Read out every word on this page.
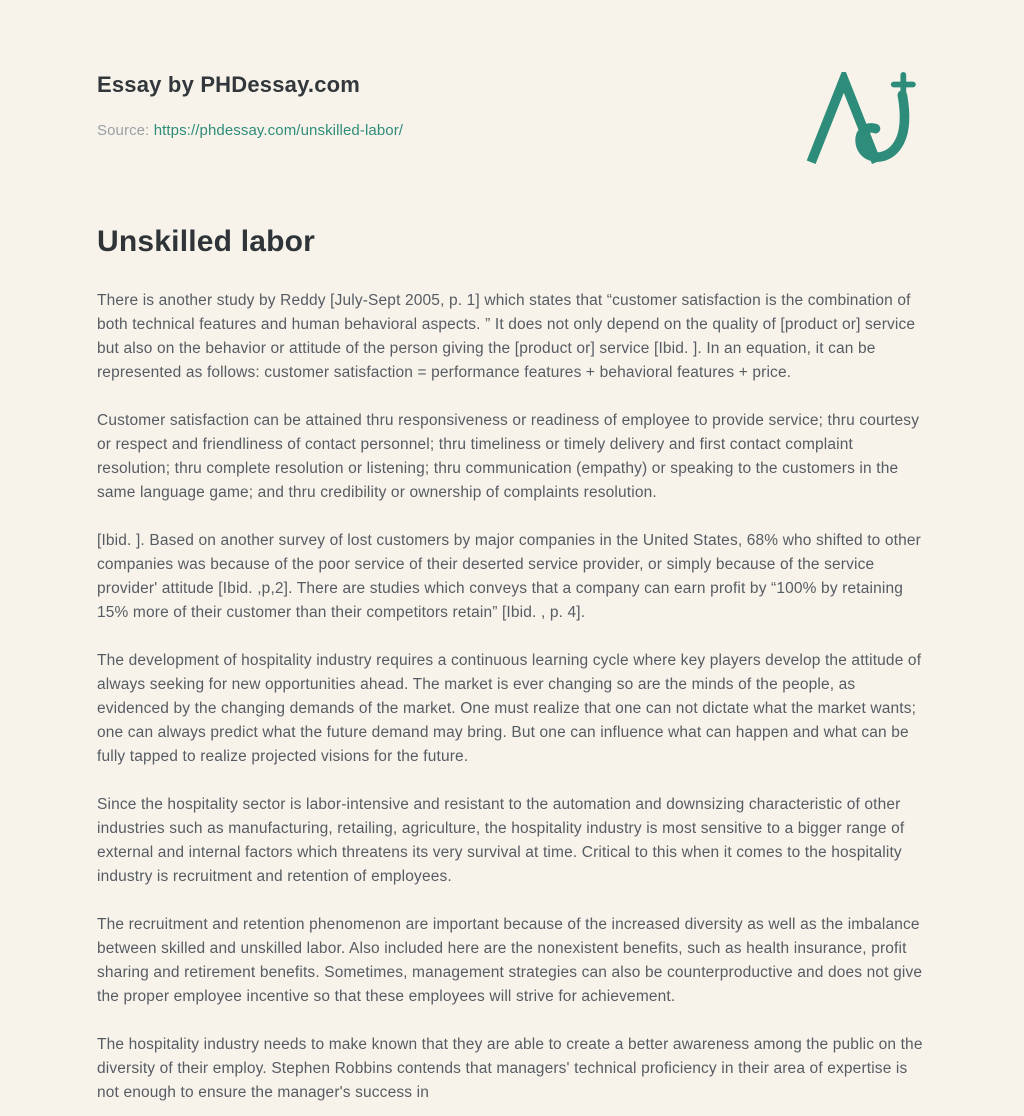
Essay by PHDessay.com
Source: https://phdessay.com/unskilled-labor/
Unskilled labor

There is another study by Reddy [July-Sept 2005, p. 1] which states that “customer satisfaction is the combination of both technical features and human behavioral aspects. ” It does not only depend on the quality of [product or] service but also on the behavior or attitude of the person giving the [product or] service [Ibid. ]. In an equation, it can be represented as follows: customer satisfaction = performance features + behavioral features + price.

Customer satisfaction can be attained thru responsiveness or readiness of employee to provide service; thru courtesy or respect and friendliness of contact personnel; thru timeliness or timely delivery and first contact complaint resolution; thru complete resolution or listening; thru communication (empathy) or speaking to the customers in the same language game; and thru credibility or ownership of complaints resolution.

[Ibid. ]. Based on another survey of lost customers by major companies in the United States, 68% who shifted to other companies was because of the poor service of their deserted service provider, or simply because of the service provider' attitude [Ibid. ,p,2]. There are studies which conveys that a company can earn profit by “100% by retaining 15% more of their customer than their competitors retain” [Ibid. , p. 4].

The development of hospitality industry requires a continuous learning cycle where key players develop the attitude of always seeking for new opportunities ahead. The market is ever changing so are the minds of the people, as evidenced by the changing demands of the market. One must realize that one can not dictate what the market wants; one can always predict what the future demand may bring. But one can influence what can happen and what can be fully tapped to realize projected visions for the future.

Since the hospitality sector is labor-intensive and resistant to the automation and downsizing characteristic of other industries such as manufacturing, retailing, agriculture, the hospitality industry is most sensitive to a bigger range of external and internal factors which threatens its very survival at time. Critical to this when it comes to the hospitality industry is recruitment and retention of employees.

The recruitment and retention phenomenon are important because of the increased diversity as well as the imbalance between skilled and unskilled labor. Also included here are the nonexistent benefits, such as health insurance, profit sharing and retirement benefits. Sometimes, management strategies can also be counterproductive and does not give the proper employee incentive so that these employees will strive for achievement.

The hospitality industry needs to make known that they are able to create a better awareness among the public on the diversity of their employ. Stephen Robbins contends that managers' technical proficiency in their area of expertise is not enough to ensure the manager's success in
